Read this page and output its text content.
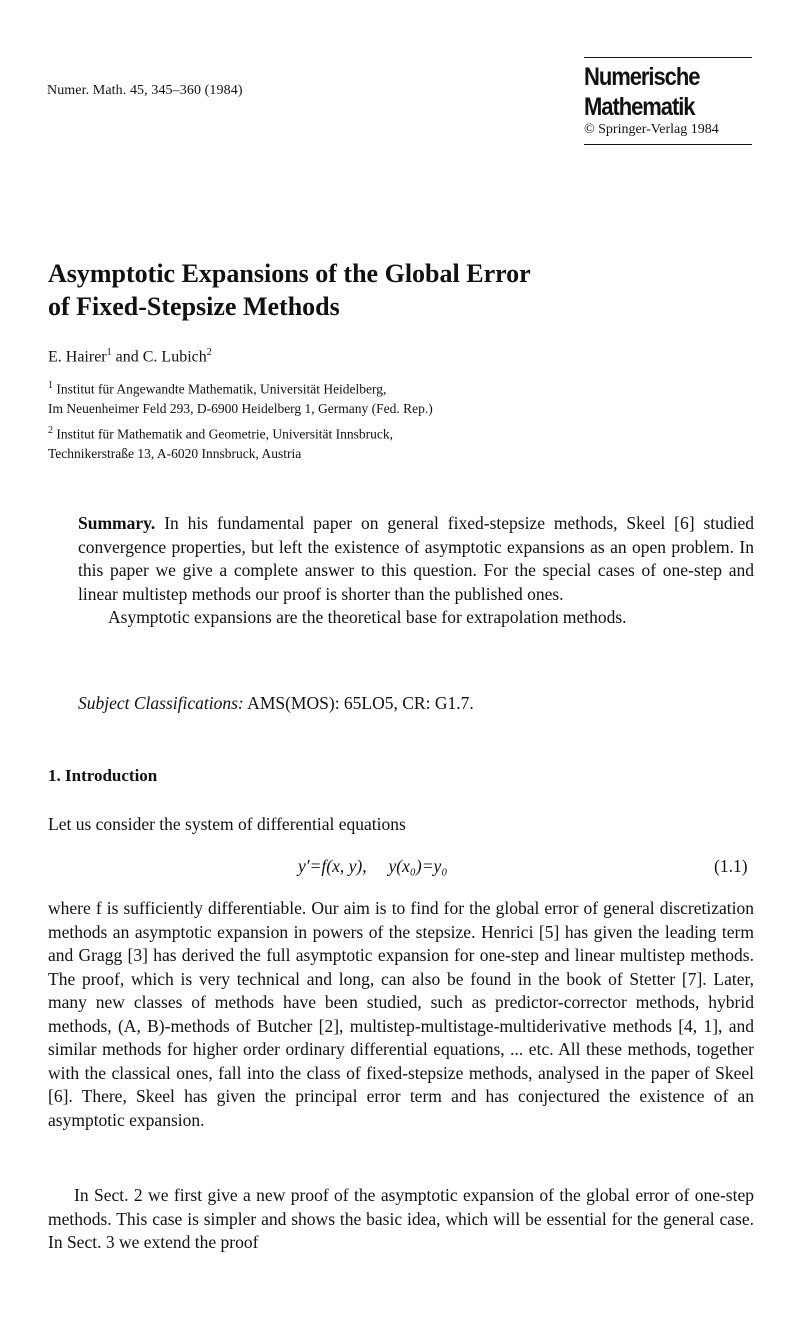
Numer. Math. 45, 345–360 (1984)	Numerische
Mathematik
© Springer-Verlag 1984
Asymptotic Expansions of the Global Error
of Fixed-Stepsize Methods
E. Hairer$^1$ and C. Lubich$^2$
$^1$ Institut für Angewandte Mathematik, Universität Heidelberg,
Im Neuenheimer Feld 293, D-6900 Heidelberg 1, Germany (Fed. Rep.)
$^2$ Institut für Mathematik and Geometrie, Universität Innsbruck,
Technikerstraße 13, A-6020 Innsbruck, Austria

Summary. In his fundamental paper on general fixed-stepsize methods, Skeel [6] studied convergence properties, but left the existence of asymptotic expansions as an open problem. In this paper we give a complete answer to this question. For the special cases of one-step and linear multistep methods our proof is shorter than the published ones.

Asymptotic expansions are the theoretical base for extrapolation methods.

Subject Classifications: AMS(MOS): 65LO5, CR: G1.7.
1. Introduction
Let us consider the system of differential equations
y′=f(x, y), y(x₀)=y₀	(1.1)
where f is sufficiently differentiable. Our aim is to find for the global error of general discretization methods an asymptotic expansion in powers of the stepsize. Henrici [5] has given the leading term and Gragg [3] has derived the full asymptotic expansion for one-step and linear multistep methods. The proof, which is very technical and long, can also be found in the book of Stetter [7]. Later, many new classes of methods have been studied, such as predictor-corrector methods, hybrid methods, (A, B)-methods of Butcher [2], multistep-multistage-multiderivative methods [4, 1], and similar methods for higher order ordinary differential equations, ... etc. All these methods, together with the classical ones, fall into the class of fixed-stepsize methods, analysed in the paper of Skeel [6]. There, Skeel has given the principal error term and has conjectured the existence of an asymptotic expansion.
In Sect. 2 we first give a new proof of the asymptotic expansion of the global error of one-step methods. This case is simpler and shows the basic idea, which will be essential for the general case. In Sect. 3 we extend the proof
